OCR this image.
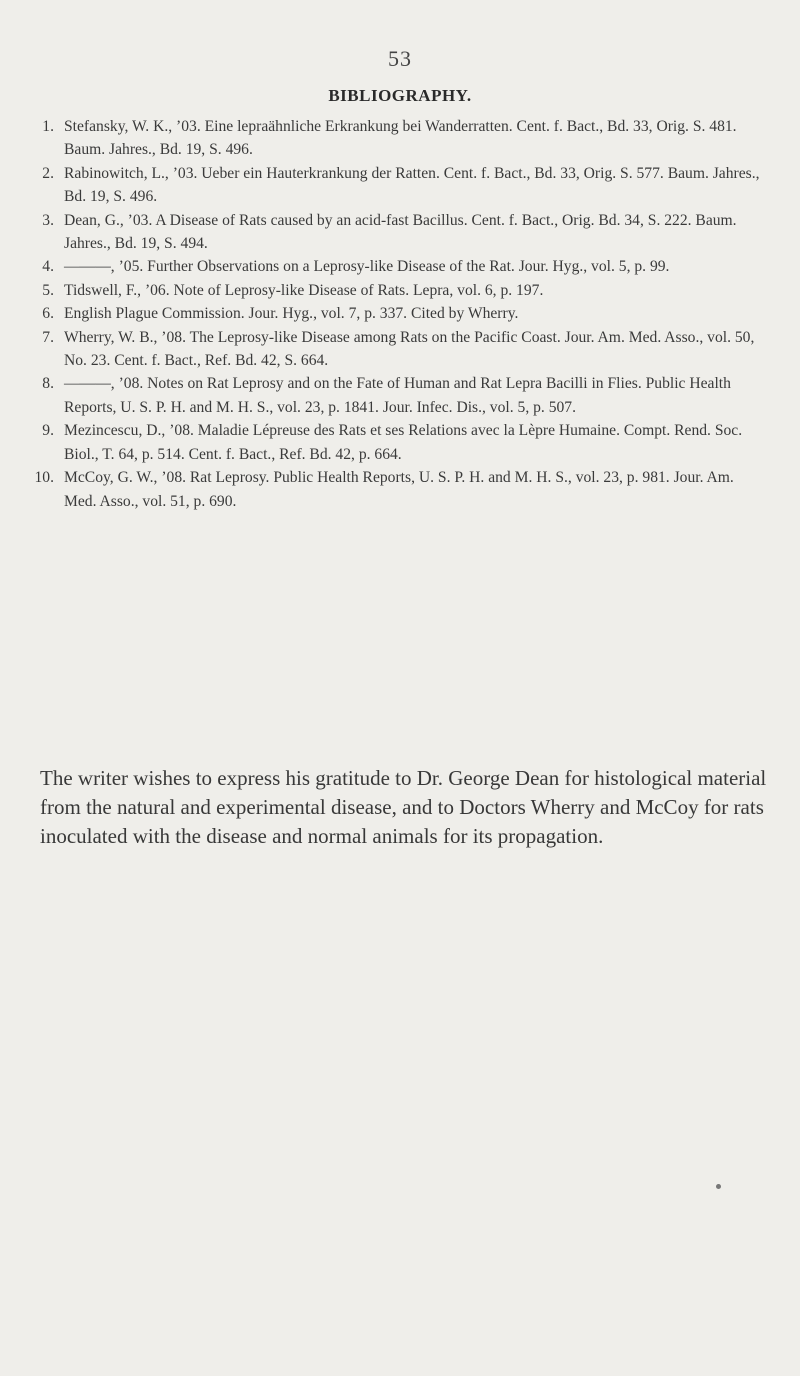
53
BIBLIOGRAPHY.
1. Stefansky, W. K., ’03. Eine lepraähnliche Erkrankung bei Wanderratten. Cent. f. Bact., Bd. 33, Orig. S. 481. Baum. Jahres., Bd. 19, S. 496.
2. Rabinowitch, L., ’03. Ueber ein Hauterkrankung der Ratten. Cent. f. Bact., Bd. 33, Orig. S. 577. Baum. Jahres., Bd. 19, S. 496.
3. Dean, G., ’03. A Disease of Rats caused by an acid-fast Bacillus. Cent. f. Bact., Orig. Bd. 34, S. 222. Baum. Jahres., Bd. 19, S. 494.
4. ———, ’05. Further Observations on a Leprosy-like Disease of the Rat. Jour. Hyg., vol. 5, p. 99.
5. Tidswell, F., ’06. Note of Leprosy-like Disease of Rats. Lepra, vol. 6, p. 197.
6. English Plague Commission. Jour. Hyg., vol. 7, p. 337. Cited by Wherry.
7. Wherry, W. B., ’08. The Leprosy-like Disease among Rats on the Pacific Coast. Jour. Am. Med. Asso., vol. 50, No. 23. Cent. f. Bact., Ref. Bd. 42, S. 664.
8. ———, ’08. Notes on Rat Leprosy and on the Fate of Human and Rat Lepra Bacilli in Flies. Public Health Reports, U. S. P. H. and M. H. S., vol. 23, p. 1841. Jour. Infec. Dis., vol. 5, p. 507.
9. Mezincescu, D., ’08. Maladie Lépreuse des Rats et ses Relations avec la Lèpre Humaine. Compt. Rend. Soc. Biol., T. 64, p. 514. Cent. f. Bact., Ref. Bd. 42, p. 664.
10. McCoy, G. W., ’08. Rat Leprosy. Public Health Reports, U. S. P. H. and M. H. S., vol. 23, p. 981. Jour. Am. Med. Asso., vol. 51, p. 690.

The writer wishes to express his gratitude to Dr. George Dean for histological material from the natural and experimental disease, and to Doctors Wherry and McCoy for rats inoculated with the disease and normal animals for its propagation.
